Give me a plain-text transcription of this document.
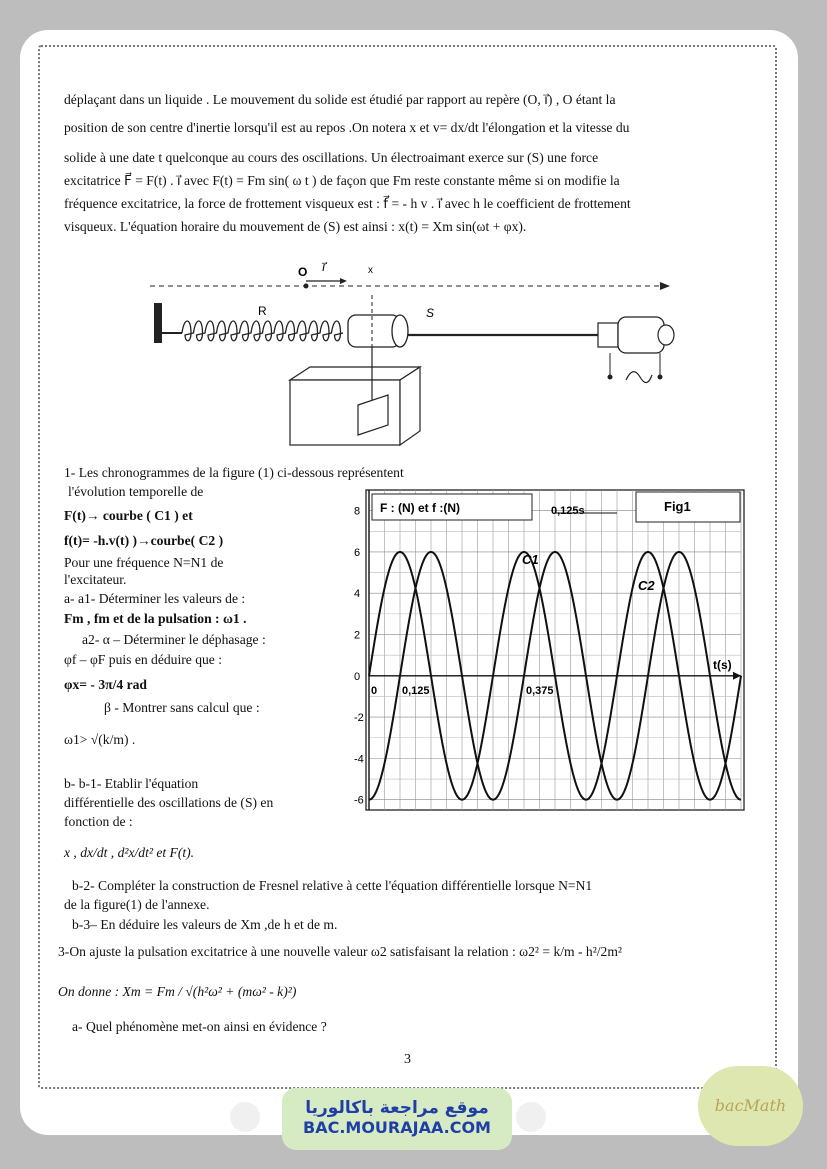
déplaçant dans un liquide . Le mouvement du solide est étudié par rapport au repère (O, i⃗) , O étant la
position de son centre d'inertie lorsqu'il est au repos .On notera x et v= dx/dt l'élongation et la vitesse du
solide à une date t quelconque au cours des oscillations. Un électroaimant exerce sur (S) une force
excitatrice F⃗ = F(t) . i⃗ avec F(t) = Fm sin( ω t ) de façon que Fm reste constante même si on modifie la
fréquence excitatrice, la force de frottement visqueux est : f⃗ = - h v . i⃗ avec h le coefficient de frottement
visqueux. L'équation horaire du mouvement de (S) est ainsi : x(t) = Xm sin(ωt + φx).
O i⃗	x
R	S
1- Les chronogrammes de la figure (1) ci-dessous représentent
l'évolution temporelle de
F(t)→ courbe ( C1 ) et
f(t)= -h.v(t) )→courbe( C2 )
Pour une fréquence N=N1 de
l'excitateur.
a- a1- Déterminer les valeurs de :
Fm , fm et de la pulsation : ω1 .
a2- α – Déterminer le déphasage :
φf – φF puis en déduire que :
φx= - 3π/4 rad
β - Montrer sans calcul que :
ω1> √(k/m) .
b- b-1- Etablir l'équation
différentielle des oscillations de (S) en
fonction de :
x , dx/dt , d²x/dt² et F(t).
b-2- Compléter la construction de Fresnel relative à cette l'équation différentielle lorsque N=N1
de la figure(1) de l'annexe.
b-3– En déduire les valeurs de Xm ,de h et de m.
F : (N) et f :(N)	Fig1
0,125s
8
6
4
2
0
-2
-4
-6
0 0,125	0,375
t(s)
C1
C2
3-On ajuste la pulsation excitatrice à une nouvelle valeur ω2 satisfaisant la relation : ω2² = k/m - h²/2m²
On donne : Xm = Fm / √(h²ω² + (mω² - k)²)
a- Quel phénomène met-on ainsi en évidence ?
3
موقع مراجعة باكالوريا
BAC.MOURAJAA.COM
bacMath
